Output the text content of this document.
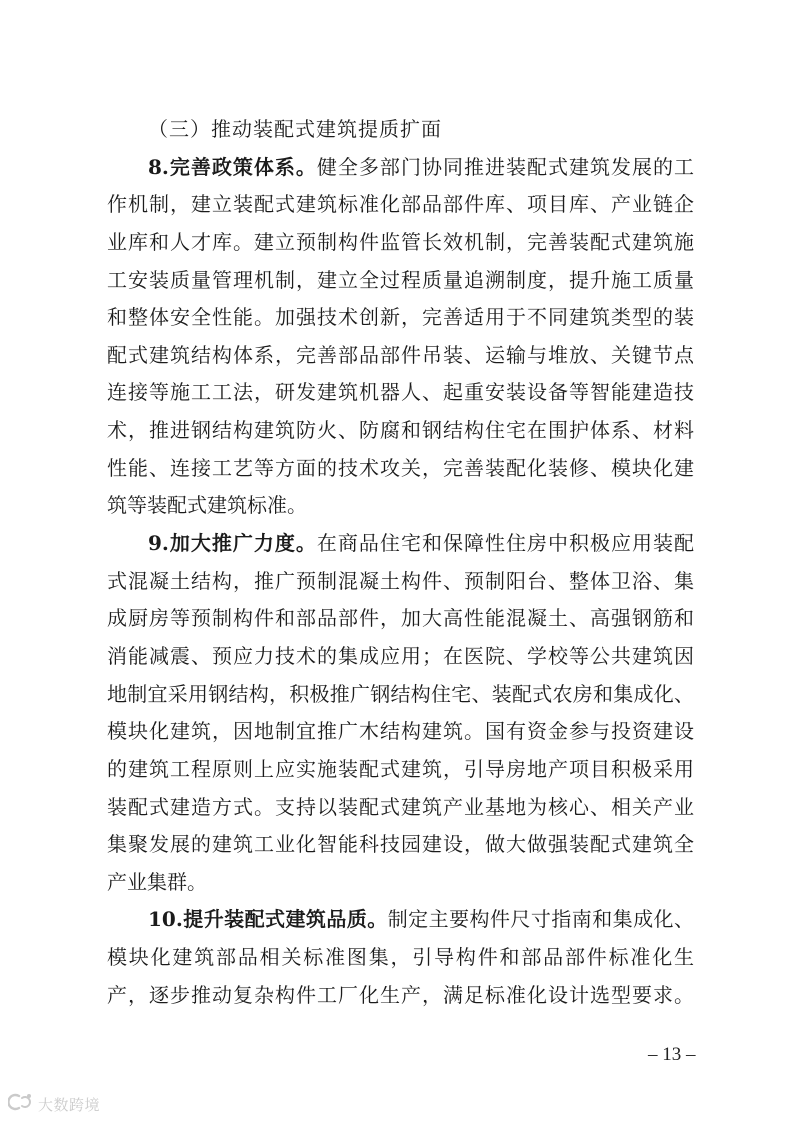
（三）推动装配式建筑提质扩面
8.完善政策体系。健全多部门协同推进装配式建筑发展的工
作机制，建立装配式建筑标准化部品部件库、项目库、产业链企
业库和人才库。建立预制构件监管长效机制，完善装配式建筑施
工安装质量管理机制，建立全过程质量追溯制度，提升施工质量
和整体安全性能。加强技术创新，完善适用于不同建筑类型的装
配式建筑结构体系，完善部品部件吊装、运输与堆放、关键节点
连接等施工工法，研发建筑机器人、起重安装设备等智能建造技
术，推进钢结构建筑防火、防腐和钢结构住宅在围护体系、材料
性能、连接工艺等方面的技术攻关，完善装配化装修、模块化建
筑等装配式建筑标准。
9.加大推广力度。在商品住宅和保障性住房中积极应用装配
式混凝土结构，推广预制混凝土构件、预制阳台、整体卫浴、集
成厨房等预制构件和部品部件，加大高性能混凝土、高强钢筋和
消能减震、预应力技术的集成应用；在医院、学校等公共建筑因
地制宜采用钢结构，积极推广钢结构住宅、装配式农房和集成化、
模块化建筑，因地制宜推广木结构建筑。国有资金参与投资建设
的建筑工程原则上应实施装配式建筑，引导房地产项目积极采用
装配式建造方式。支持以装配式建筑产业基地为核心、相关产业
集聚发展的建筑工业化智能科技园建设，做大做强装配式建筑全
产业集群。
10.提升装配式建筑品质。制定主要构件尺寸指南和集成化、
模块化建筑部品相关标准图集，引导构件和部品部件标准化生
产，逐步推动复杂构件工厂化生产，满足标准化设计选型要求。
– 13 –
大数跨境
